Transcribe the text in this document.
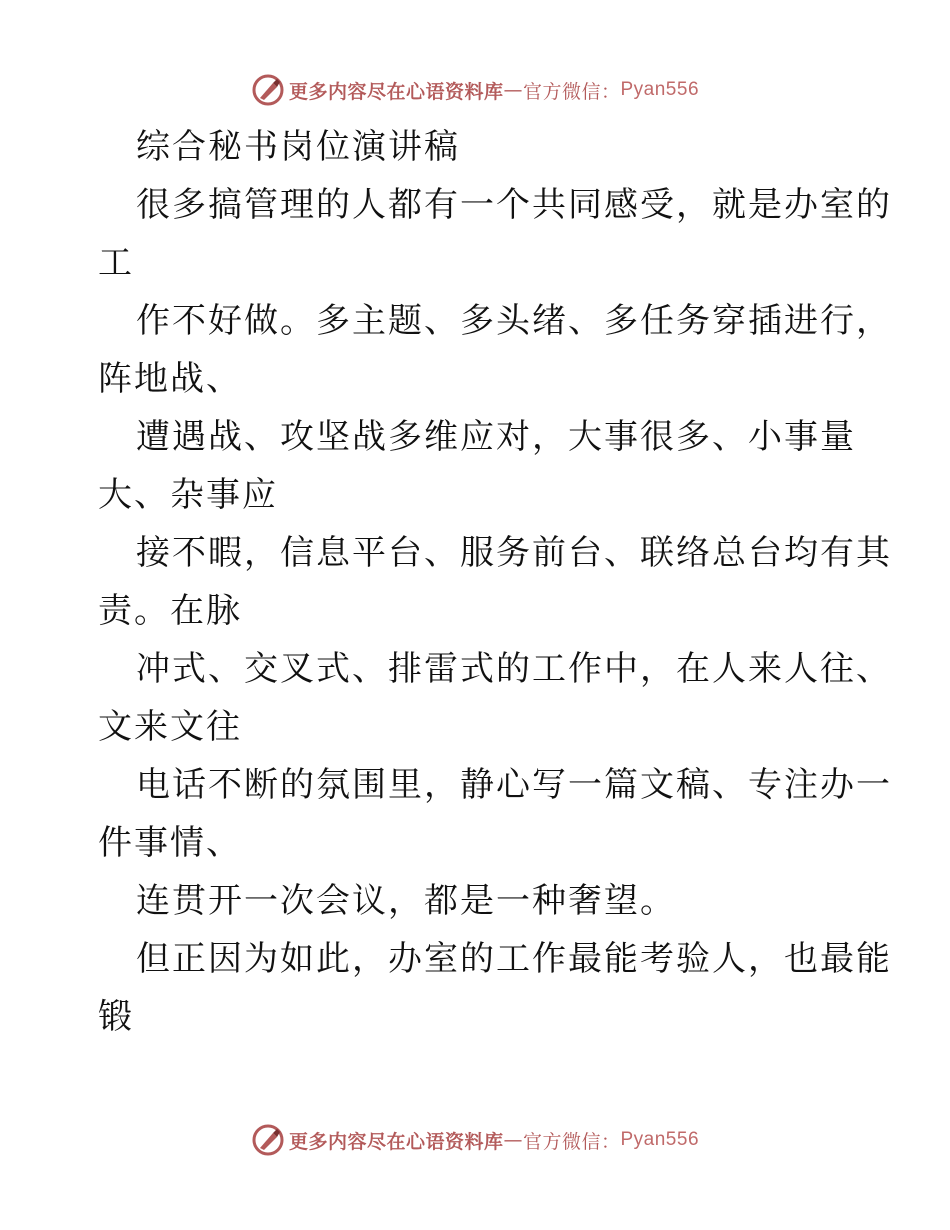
更多内容尽在心语资料库 — 官方微信： Pyan556
综合秘书岗位演讲稿
很多搞管理的人都有一个共同感受，就是办室的
工
作不好做。多主题、多头绪、多任务穿插进行，
阵地战、
遭遇战、攻坚战多维应对，大事很多、小事量
大、杂事应
接不暇，信息平台、服务前台、联络总台均有其
责。在脉
冲式、交叉式、排雷式的工作中，在人来人往、
文来文往
电话不断的氛围里，静心写一篇文稿、专注办一
件事情、
连贯开一次会议，都是一种奢望。
但正因为如此，办室的工作最能考验人，也最能
锻
更多内容尽在心语资料库 — 官方微信： Pyan556
